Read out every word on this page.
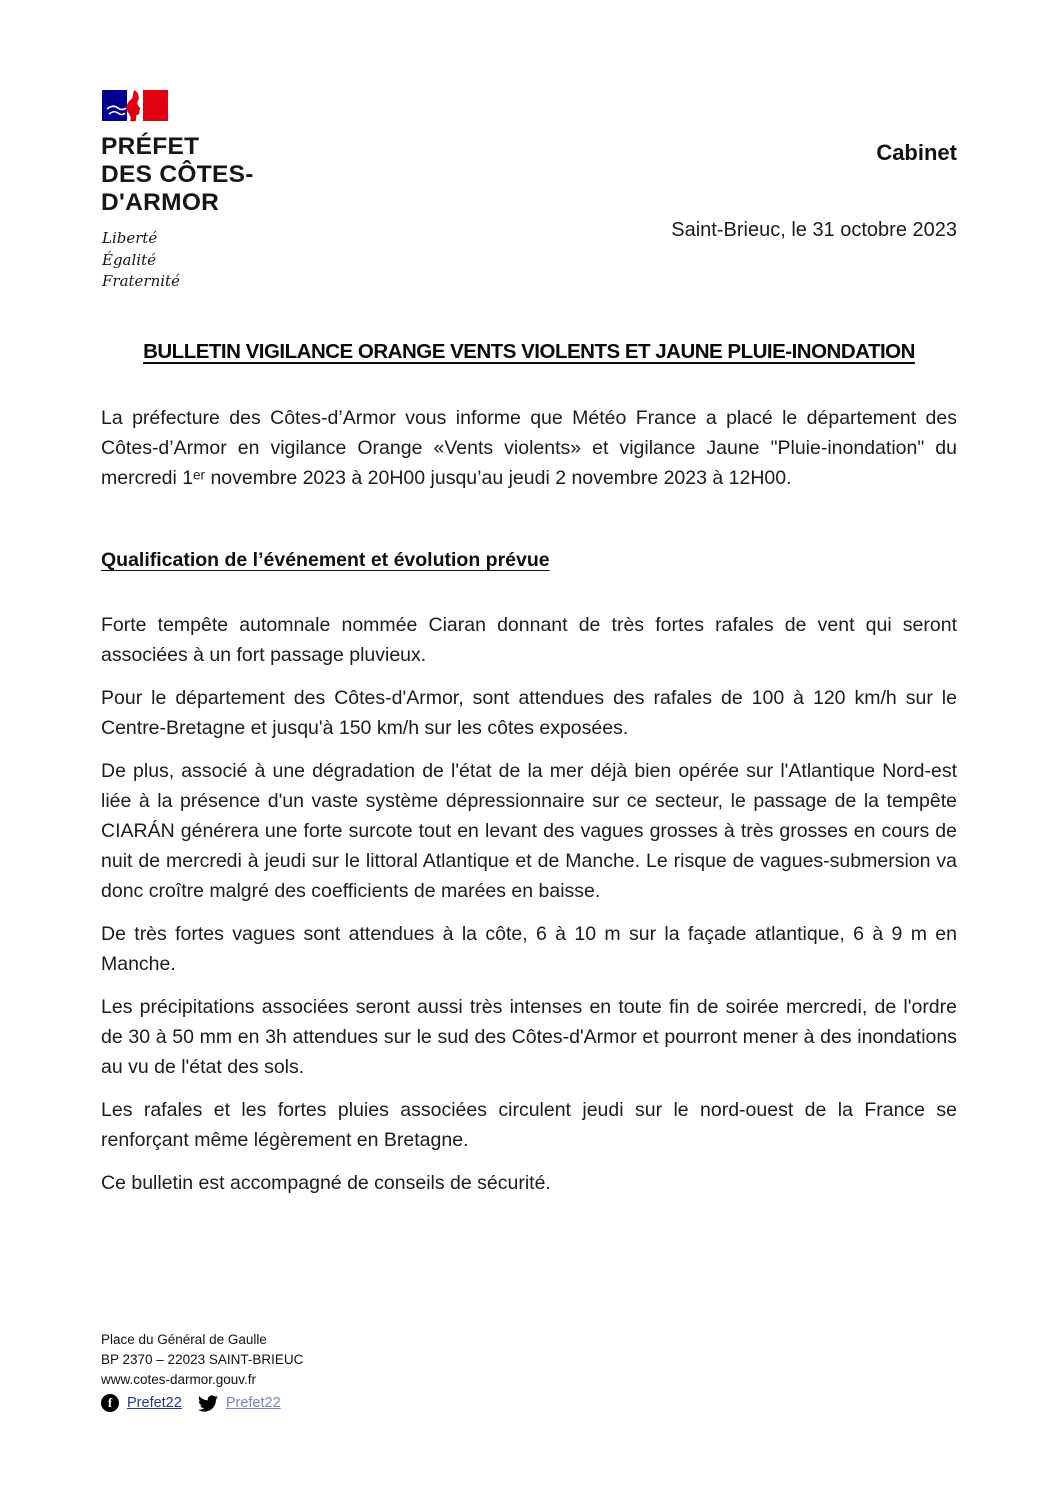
PRÉFET
DES CÔTES-
D'ARMOR
Liberté
Égalité
Fraternité
Cabinet
Saint-Brieuc, le 31 octobre 2023
BULLETIN VIGILANCE ORANGE VENTS VIOLENTS ET JAUNE PLUIE-INONDATION

La préfecture des Côtes-d’Armor vous informe que Météo France a placé le département des Côtes-d’Armor en vigilance Orange «Vents violents» et vigilance Jaune "Pluie-inondation" du mercredi 1ᵉʳ novembre 2023 à 20H00 jusqu’au jeudi 2 novembre 2023 à 12H00.

Qualification de l’événement et évolution prévue

Forte tempête automnale nommée Ciaran donnant de très fortes rafales de vent qui seront associées à un fort passage pluvieux.

Pour le département des Côtes-d'Armor, sont attendues des rafales de 100 à 120 km/h sur le Centre-Bretagne et jusqu'à 150 km/h sur les côtes exposées.

De plus, associé à une dégradation de l'état de la mer déjà bien opérée sur l'Atlantique Nord-est liée à la présence d'un vaste système dépressionnaire sur ce secteur, le passage de la tempête CIARÁN générera une forte surcote tout en levant des vagues grosses à très grosses en cours de nuit de mercredi à jeudi sur le littoral Atlantique et de Manche. Le risque de vagues-submersion va donc croître malgré des coefficients de marées en baisse.

De très fortes vagues sont attendues à la côte, 6 à 10 m sur la façade atlantique, 6 à 9 m en Manche.

Les précipitations associées seront aussi très intenses en toute fin de soirée mercredi, de l'ordre de 30 à 50 mm en 3h attendues sur le sud des Côtes-d'Armor et pourront mener à des inondations au vu de l'état des sols.

Les rafales et les fortes pluies associées circulent jeudi sur le nord-ouest de la France se renforçant même légèrement en Bretagne.

Ce bulletin est accompagné de conseils de sécurité.

Place du Général de Gaulle
BP 2370 – 22023 SAINT-BRIEUC
www.cotes-darmor.gouv.fr
f	Prefet22	Prefet22
